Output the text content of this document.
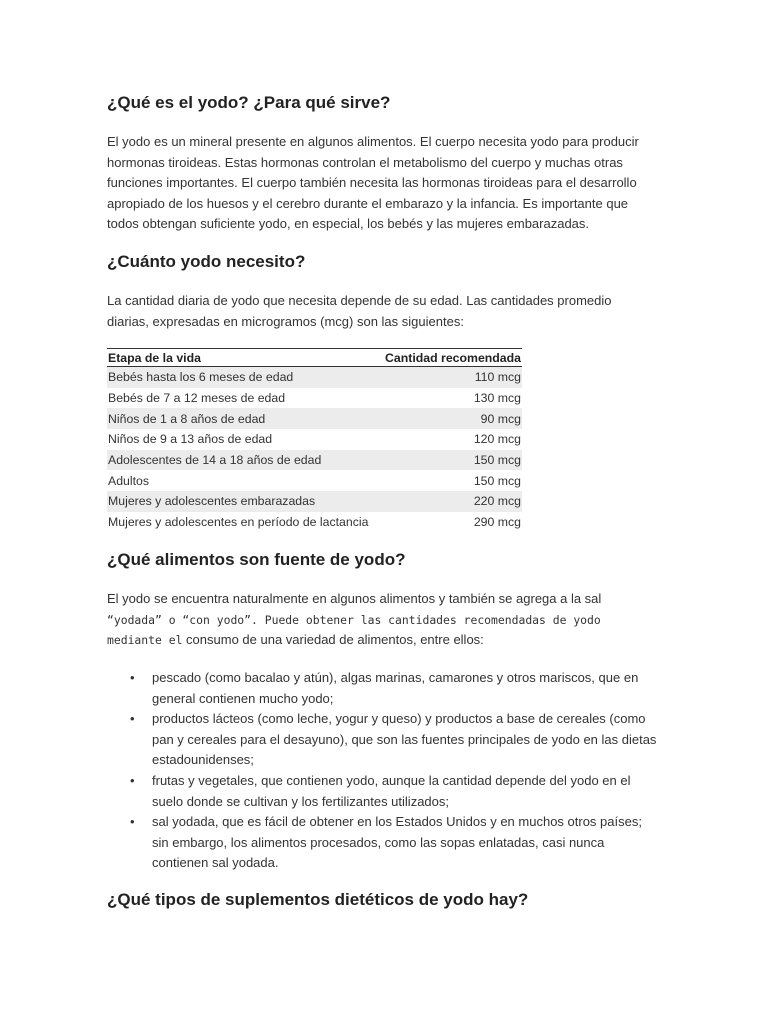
¿Qué es el yodo? ¿Para qué sirve?

El yodo es un mineral presente en algunos alimentos. El cuerpo necesita yodo para producir hormonas tiroideas. Estas hormonas controlan el metabolismo del cuerpo y muchas otras funciones importantes. El cuerpo también necesita las hormonas tiroideas para el desarrollo apropiado de los huesos y el cerebro durante el embarazo y la infancia. Es importante que todos obtengan suficiente yodo, en especial, los bebés y las mujeres embarazadas.

¿Cuánto yodo necesito?

La cantidad diaria de yodo que necesita depende de su edad. Las cantidades promedio diarias, expresadas en microgramos (mcg) son las siguientes:

Etapa de la vida	Cantidad recomendada
Bebés hasta los 6 meses de edad	110 mcg
Bebés de 7 a 12 meses de edad	130 mcg
Niños de 1 a 8 años de edad	90 mcg
Niños de 9 a 13 años de edad	120 mcg
Adolescentes de 14 a 18 años de edad	150 mcg
Adultos	150 mcg
Mujeres y adolescentes embarazadas	220 mcg
Mujeres y adolescentes en período de lactancia	290 mcg
¿Qué alimentos son fuente de yodo?

El yodo se encuentra naturalmente en algunos alimentos y también se agrega a la sal “yodada” o “con yodo”. Puede obtener las cantidades recomendadas de yodo mediante el consumo de una variedad de alimentos, entre ellos:

• pescado (como bacalao y atún), algas marinas, camarones y otros mariscos, que en general contienen mucho yodo;
• productos lácteos (como leche, yogur y queso) y productos a base de cereales (como pan y cereales para el desayuno), que son las fuentes principales de yodo en las dietas estadounidenses;
• frutas y vegetales, que contienen yodo, aunque la cantidad depende del yodo en el suelo donde se cultivan y los fertilizantes utilizados;
• sal yodada, que es fácil de obtener en los Estados Unidos y en muchos otros países; sin embargo, los alimentos procesados, como las sopas enlatadas, casi nunca contienen sal yodada.
¿Qué tipos de suplementos dietéticos de yodo hay?
